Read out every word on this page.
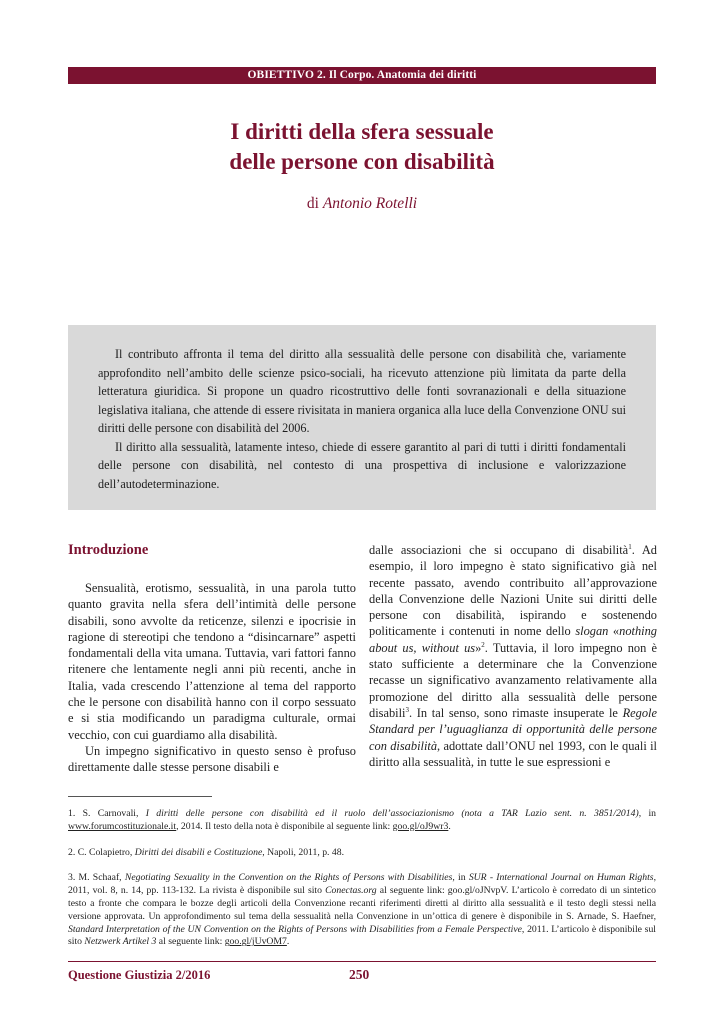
OBIETTIVO 2. Il Corpo. Anatomia dei diritti
I diritti della sfera sessuale
delle persone con disabilità
di Antonio Rotelli

Il contributo affronta il tema del diritto alla sessualità delle persone con disabilità che, variamente approfondito nell’ambito delle scienze psico-sociali, ha ricevuto attenzione più limitata da parte della letteratura giuridica. Si propone un quadro ricostruttivo delle fonti sovranazionali e della situazione legislativa italiana, che attende di essere rivisitata in maniera organica alla luce della Convenzione ONU sui diritti delle persone con disabilità del 2006.

Il diritto alla sessualità, latamente inteso, chiede di essere garantito al pari di tutti i diritti fondamentali delle persone con disabilità, nel contesto di una prospettiva di inclusione e valorizzazione dell’autodeterminazione.

Introduzione

Sensualità, erotismo, sessualità, in una parola tutto quanto gravita nella sfera dell’intimità delle persone disabili, sono avvolte da reticenze, silenzi e ipocrisie in ragione di stereotipi che tendono a “disincarnare” aspetti fondamentali della vita umana. Tuttavia, vari fattori fanno ritenere che lentamente negli anni più recenti, anche in Italia, vada crescendo l’attenzione al tema del rapporto che le persone con disabilità hanno con il corpo sessuato e si stia modificando un paradigma culturale, ormai vecchio, con cui guardiamo alla disabilità.

Un impegno significativo in questo senso è profuso direttamente dalle stesse persone disabili e

dalle associazioni che si occupano di disabilità$^1$. Ad esempio, il loro impegno è stato significativo già nel recente passato, avendo contribuito all’approvazione della Convenzione delle Nazioni Unite sui diritti delle persone con disabilità, ispirando e sostenendo politicamente i contenuti in nome dello slogan «nothing about us, without us»$^2$. Tuttavia, il loro impegno non è stato sufficiente a determinare che la Convenzione recasse un significativo avanzamento relativamente alla promozione del diritto alla sessualità delle persone disabili$^3$. In tal senso, sono rimaste insuperate le Regole Standard per l’uguaglianza di opportunità delle persone con disabilità, adottate dall’ONU nel 1993, con le quali il diritto alla sessualità, in tutte le sue espressioni e

1. S. Carnovali, I diritti delle persone con disabilità ed il ruolo dell’associazionismo (nota a TAR Lazio sent. n. 3851/2014), in www.forumcostituzionale.it, 2014. Il testo della nota è disponibile al seguente link: goo.gl/oJ9wr3.

2. C. Colapietro, Diritti dei disabili e Costituzione, Napoli, 2011, p. 48.

3. M. Schaaf, Negotiating Sexuality in the Convention on the Rights of Persons with Disabilities, in SUR - International Journal on Human Rights, 2011, vol. 8, n. 14, pp. 113-132. La rivista è disponibile sul sito Conectas.org al seguente link: goo.gl/oJNvpV. L’articolo è corredato di un sintetico testo a fronte che compara le bozze degli articoli della Convenzione recanti riferimenti diretti al diritto alla sessualità e il testo degli stessi nella versione approvata. Un approfondimento sul tema della sessualità nella Convenzione in un’ottica di genere è disponibile in S. Arnade, S. Haefner, Standard Interpretation of the UN Convention on the Rights of Persons with Disabilities from a Female Perspective, 2011. L’articolo è disponibile sul sito Netzwerk Artikel 3 al seguente link: goo.gl/jUvOM7.

Questione Giustizia 2/2016	250
